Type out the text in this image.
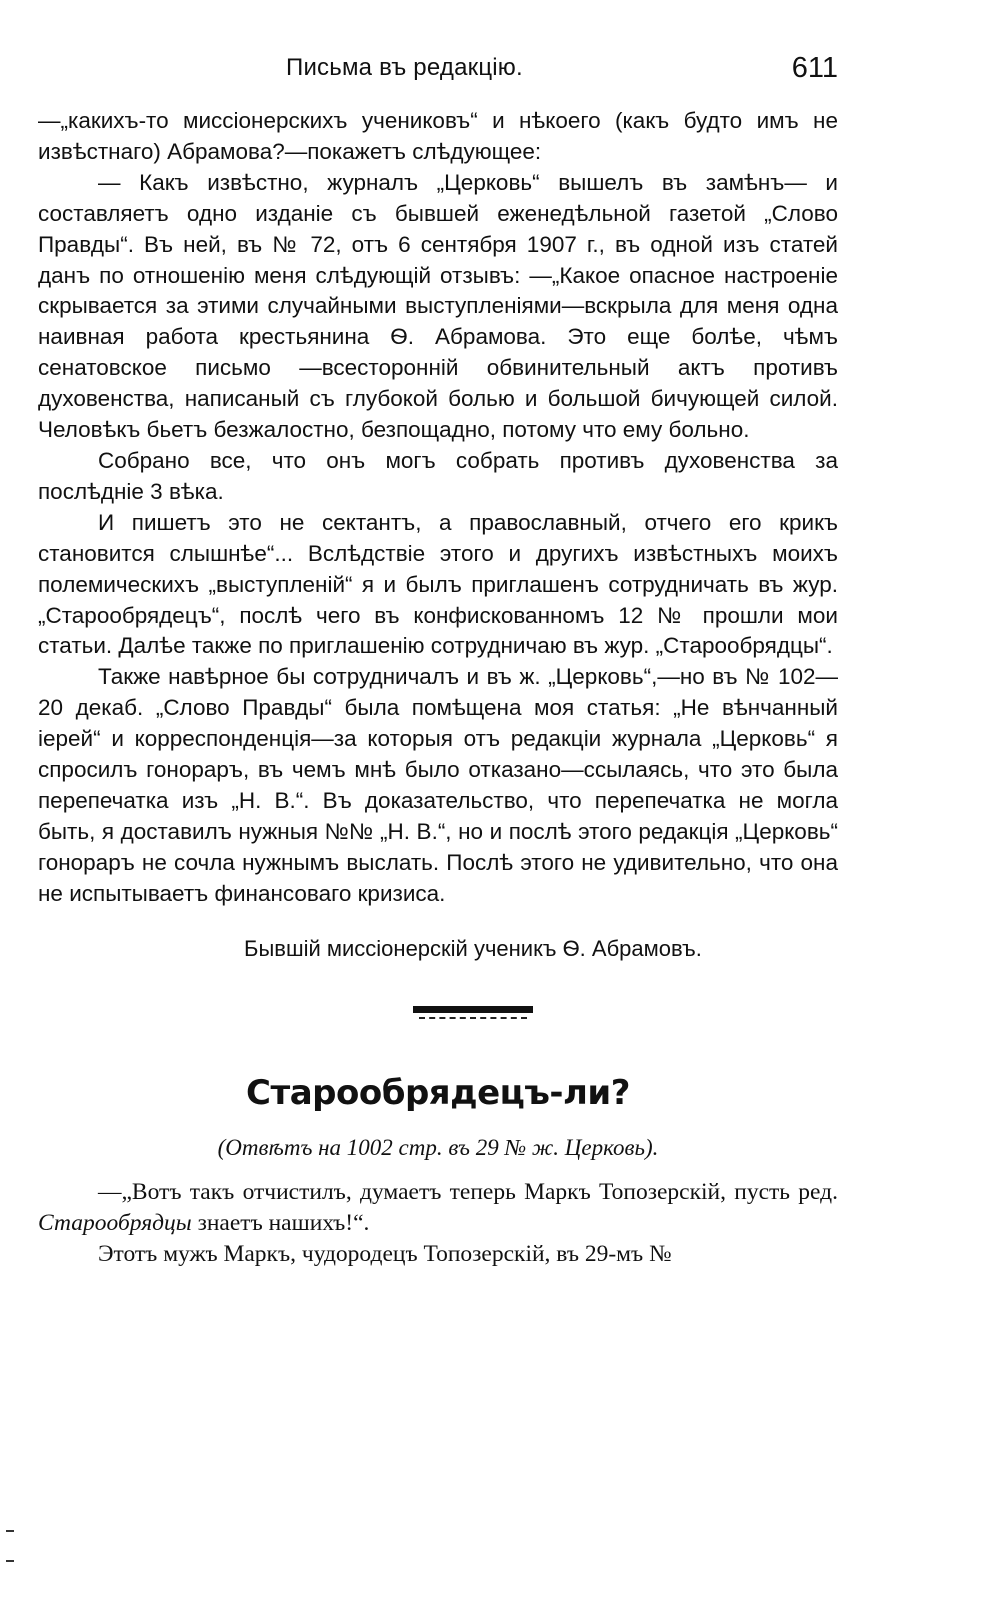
Письма въ редакцію.	611

—„какихъ-то миссіонерскихъ учениковъ“ и нѣкоего (какъ будто имъ не извѣстнаго) Абрамова?—покажетъ слѣдующее:

— Какъ извѣстно, журналъ „Церковь“ вышелъ въ замѣнъ— и составляетъ одно изданіе съ бывшей еженедѣльной газетой „Слово Правды“. Въ ней, въ № 72, отъ 6 сентября 1907 г., въ одной изъ статей данъ по отношенію меня слѣдующій отзывъ: —„Какое опасное настроеніе скрывается за этими случайными выступленіями—вскрыла для меня одна наивная работа крестьянина Ѳ. Абрамова. Это еще болѣе, чѣмъ сенатовское письмо —всесторонній обвинительный актъ противъ духовенства, написаный съ глубокой болью и большой бичующей силой. Человѣкъ бьетъ безжалостно, безпощадно, потому что ему больно.

Собрано все, что онъ могъ собрать противъ духовенства за послѣдніе 3 вѣка.

И пишетъ это не сектантъ, а православный, отчего его крикъ становится слышнѣе“... Вслѣдствіе этого и другихъ извѣстныхъ моихъ полемическихъ „выступленій“ я и былъ приглашенъ сотрудничать въ жур. „Старообрядецъ“, послѣ чего въ конфискованномъ 12 № прошли мои статьи. Далѣе также по приглашенію сотрудничаю въ жур. „Старообрядцы“.

Также навѣрное бы сотрудничалъ и въ ж. „Церковь“,—но въ № 102—20 декаб. „Слово Правды“ была помѣщена моя статья: „Не вѣнчанный іерей“ и корреспонденція—за которыя отъ редакціи журнала „Церковь“ я спросилъ гонораръ, въ чемъ мнѣ было отказано—ссылаясь, что это была перепечатка изъ „Н. В.“. Въ доказательство, что перепечатка не могла быть, я доставилъ нужныя №№ „Н. В.“, но и послѣ этого редакція „Церковь“ гонораръ не сочла нужнымъ выслать. Послѣ этого не удивительно, что она не испытываетъ финансоваго кризиса.

Бывшій миссіонерскій ученикъ Ѳ. Абрамовъ.
Старообрядецъ-ли?
(Отвѣтъ на 1002 стр. въ 29 № ж. Церковь).

—„Вотъ такъ отчистилъ, думаетъ теперь Маркъ Топозерскій, пусть ред. Старообрядцы знаетъ нашихъ!“.

Этотъ мужъ Маркъ, чудородецъ Топозерскій, въ 29-мъ №
